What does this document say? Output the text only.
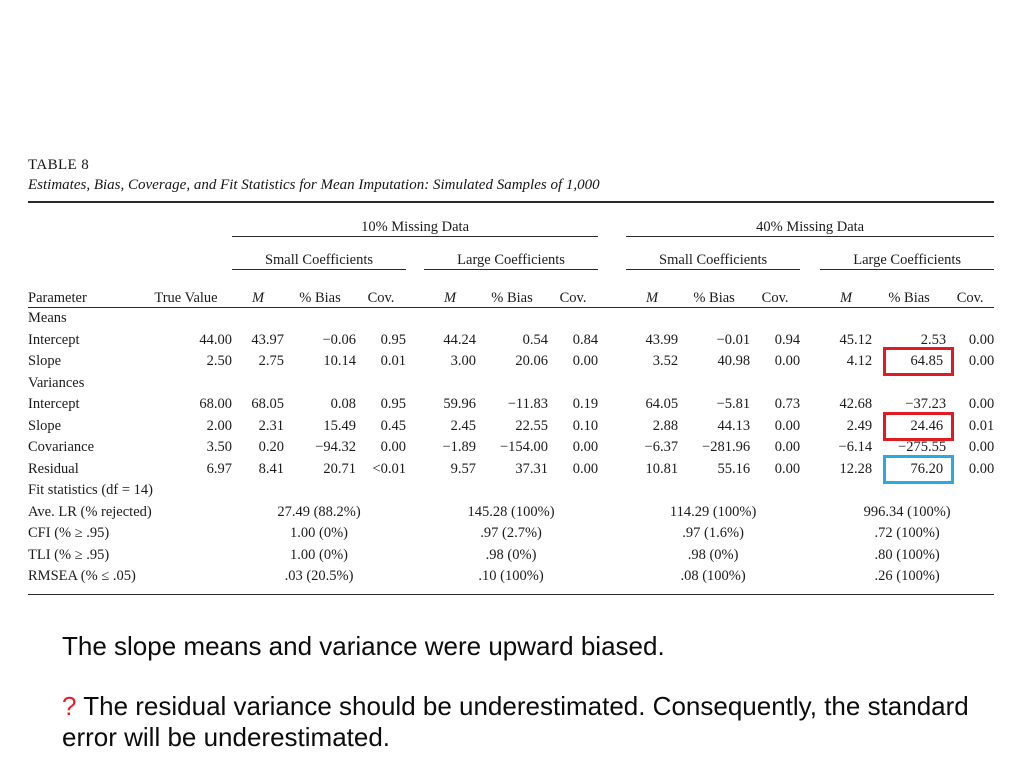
TABLE 8
Estimates, Bias, Coverage, and Fit Statistics for Mean Imputation: Simulated Samples of 1,000
		10% Missing Data								40% Missing Data						
		Small Coefficients				Large Coefficients				Small Coefficients				Large Coefficients		
Parameter	True Value	M	% Bias	Cov.		M	% Bias	Cov.		M	% Bias	Cov.		M	% Bias	Cov.
Means																
Intercept	44.00	43.97	−0.06	0.95		44.24	0.54	0.84		43.99	−0.01	0.94		45.12	2.53	0.00
Slope	2.50	2.75	10.14	0.01		3.00	20.06	0.00		3.52	40.98	0.00		4.12	64.85	0.00
Variances																
Intercept	68.00	68.05	0.08	0.95		59.96	−11.83	0.19		64.05	−5.81	0.73		42.68	−37.23	0.00
Slope	2.00	2.31	15.49	0.45		2.45	22.55	0.10		2.88	44.13	0.00		2.49	24.46	0.01
Covariance	3.50	0.20	−94.32	0.00		−1.89	−154.00	0.00		−6.37	−281.96	0.00		−6.14	−275.55	0.00
Residual	6.97	8.41	20.71	<0.01		9.57	37.31	0.00		10.81	55.16	0.00		12.28	76.20	0.00
Fit statistics (df = 14)																
Ave. LR (% rejected)		27.49 (88.2%)				145.28 (100%)				114.29 (100%)				996.34 (100%)		
CFI (% ≥ .95)		1.00 (0%)				.97 (2.7%)				.97 (1.6%)				.72 (100%)		
TLI (% ≥ .95)		1.00 (0%)				.98 (0%)				.98 (0%)				.80 (100%)		
RMSEA (% ≤ .05)		.03 (20.5%)				.10 (100%)				.08 (100%)				.26 (100%)		
The slope means and variance were upward biased.
? The residual variance should be underestimated. Consequently, the standard
error will be underestimated.
